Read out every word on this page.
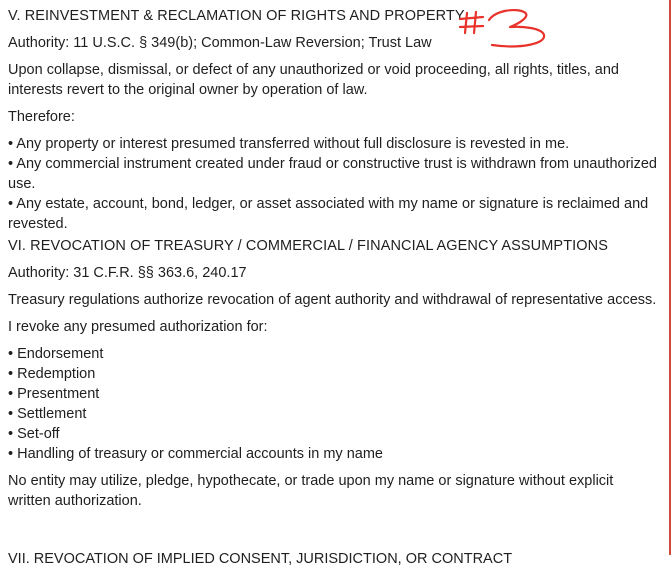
V. REINVESTMENT & RECLAMATION OF RIGHTS AND PROPERTY

Authority: 11 U.S.C. § 349(b); Common-Law Reversion; Trust Law

Upon collapse, dismissal, or defect of any unauthorized or void proceeding, all rights, titles, and interests revert to the original owner by operation of law.

Therefore:

• Any property or interest presumed transferred without full disclosure is revested in me.
• Any commercial instrument created under fraud or constructive trust is withdrawn from unauthorized use.
• Any estate, account, bond, ledger, or asset associated with my name or signature is reclaimed and revested.

VI. REVOCATION OF TREASURY / COMMERCIAL / FINANCIAL AGENCY ASSUMPTIONS

Authority: 31 C.F.R. §§ 363.6, 240.17

Treasury regulations authorize revocation of agent authority and withdrawal of representative access.

I revoke any presumed authorization for:

• Endorsement
• Redemption
• Presentment
• Settlement
• Set-off
• Handling of treasury or commercial accounts in my name

No entity may utilize, pledge, hypothecate, or trade upon my name or signature without explicit written authorization.

VII. REVOCATION OF IMPLIED CONSENT, JURISDICTION, OR CONTRACT
